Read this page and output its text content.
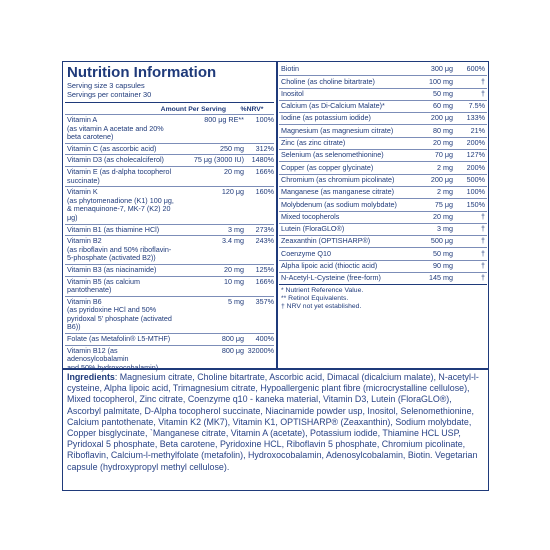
Nutrition Information
Serving size 3 capsules
Servings per container 30
Amount Per Serving	%NRV*
Vitamin A
(as vitamin A acetate and 20% beta carotene)
800 μg RE**	100%
Vitamin C (as ascorbic acid)	250 mg	312%
Vitamin D3 (as cholecalciferol)	75 μg (3000 IU)	1480%
Vitamin E (as d-alpha tocopherol succinate)
20 mg	166%
Vitamin K
(as phytomenadione (K1) 100 μg, & menaquinone-7, MK-7 (K2) 20 μg)
120 μg	160%
Vitamin B1 (as thiamine HCl)	3 mg	273%
Vitamin B2
(as riboflavin and 50% riboflavin-5-phosphate (activated B2))
3.4 mg	243%
Vitamin B3 (as niacinamide)	20 mg	125%
Vitamin B5 (as calcium pantothenate)
10 mg	166%
Vitamin B6
(as pyridoxine HCl and 50% pyridoxal 5' phosphate (activated B6))
5 mg	357%
Folate (as Metafolin® L5-MTHF)	800 μg	400%
Vitamin B12 (as adenosylcobalamin
800 μg 32000%
Biotin	300 μg	600%
Choline (as choline bitartrate)	100 mg	†
Inositol	50 mg	†
Calcium (as Di-Calcium Malate)*	60 mg	7.5%
Iodine (as potassium iodide)	200 μg	133%
Magnesium (as magnesium citrate)	80 mg	21%
Zinc (as zinc citrate)	20 mg	200%
Selenium (as selenomethionine)	70 μg	127%
Copper (as copper glycinate)	2 mg	200%
Chromium (as chromium picolinate)	200 μg	500%
Manganese (as manganese citrate)	2 mg	100%
Molybdenum (as sodium molybdate)	75 μg	150%
Mixed tocopherols	20 mg	†
Lutein (FloraGLO®)	3 mg	†
Zeaxanthin (OPTISHARP®)	500 μg	†
Coenzyme Q10	50 mg	†
Alpha lipoic acid (thioctic acid)	90 mg	†
N-Acetyl-L-Cysteine (free-form)	145 mg	†
* Nutrient Reference Value.
** Retinol Equivalents.
† NRV not yet established.
Ingredients: Magnesium citrate, Choline bitartrate, Ascorbic acid, Dimacal (dicalcium malate), N-acetyl-l-cysteine, Alpha lipoic acid, Trimagnesium citrate, Hypoallergenic plant fibre (microcrystalline cellulose), Mixed tocopherol, Zinc citrate, Coenzyme q10 - kaneka material, Vitamin D3, Lutein (FloraGLO®), Ascorbyl palmitate, D-Alpha tocopherol succinate, Niacinamide powder usp, Inositol, Selenomethionine, Calcium pantothenate, Vitamin K2 (MK7), Vitamin K1, OPTISHARP® (Zeaxanthin), Sodium molybdate, Copper bisglycinate, `Manganese citrate, Vitamin A (acetate), Potassium iodide, Thiamine HCL USP, Pyridoxal 5 phosphate, Beta carotene, Pyridoxine HCL, Riboflavin 5 phosphate, Chromium picolinate, Riboflavin, Calcium-l-methylfolate (metafolin), Hydroxocobalamin, Adenosylcobalamin, Biotin. Vegetarian capsule (hydroxypropyl methyl cellulose).
